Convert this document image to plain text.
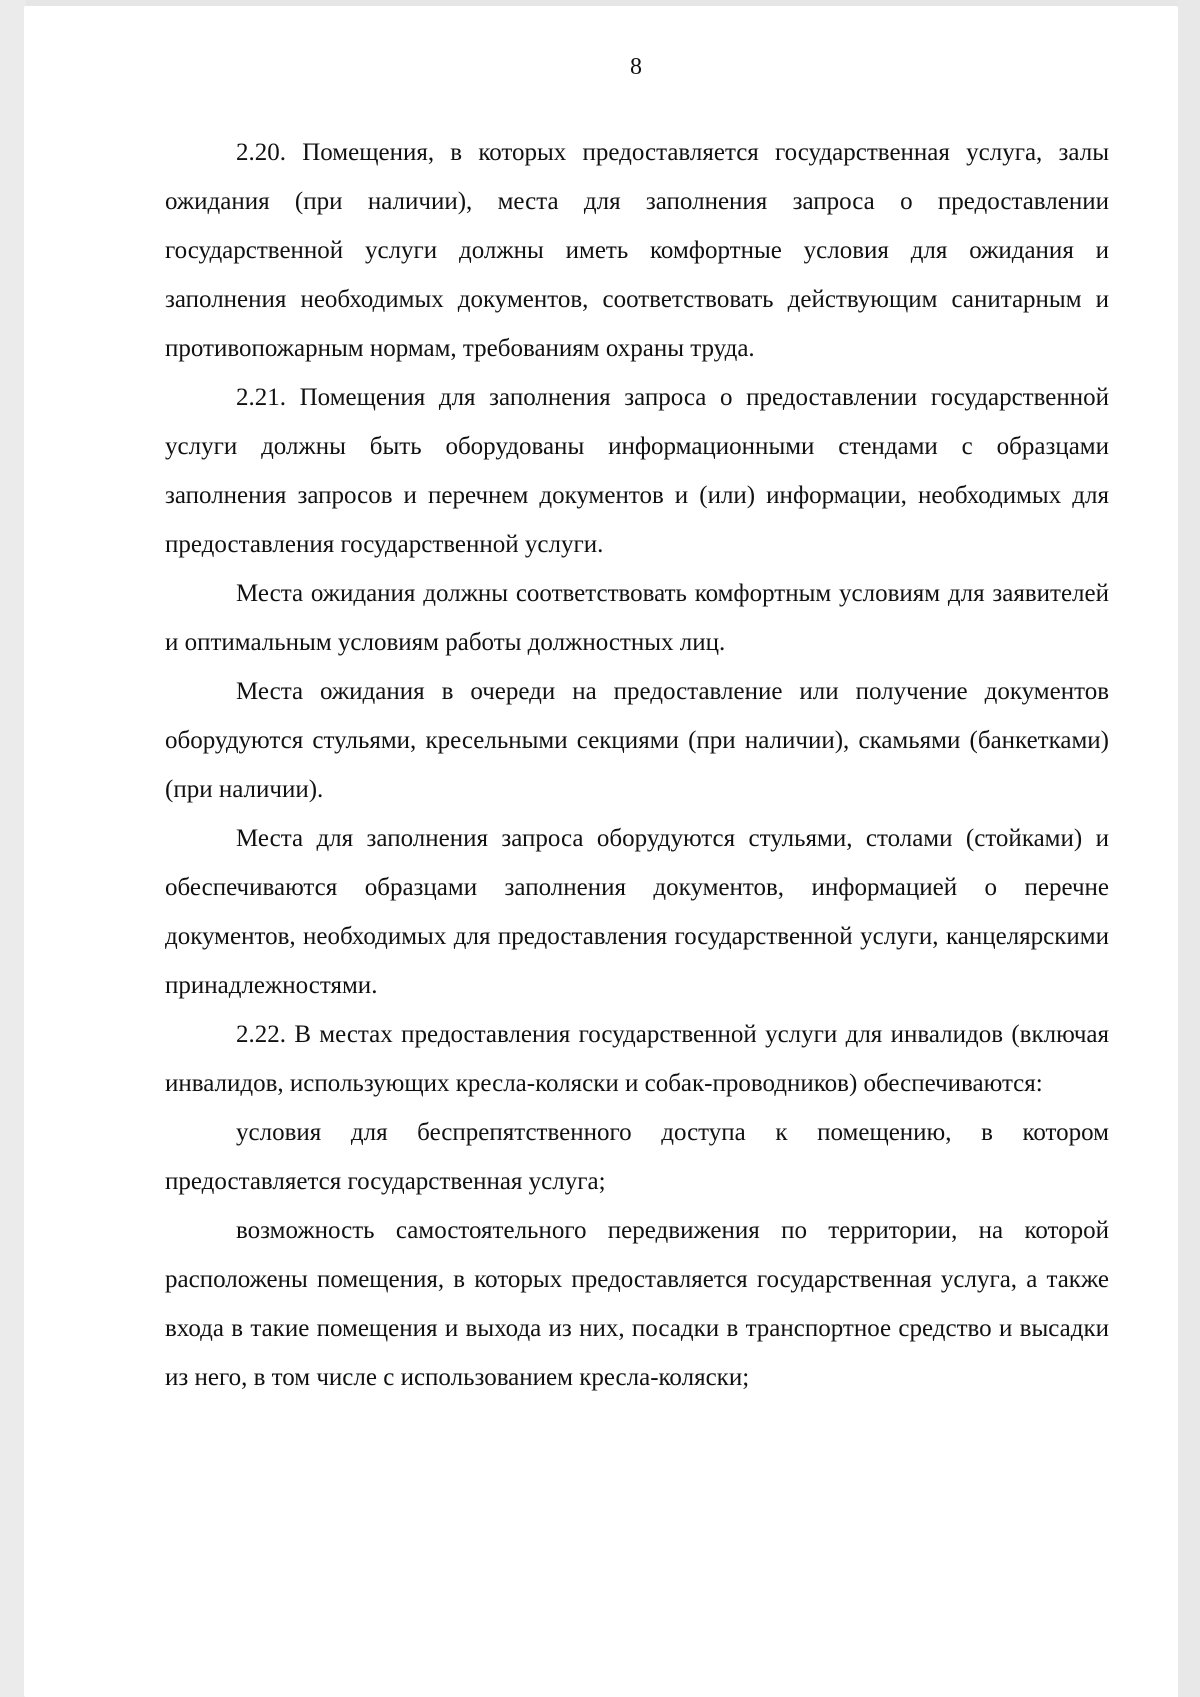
8

2.20. Помещения, в которых предоставляется государственная услуга, залы ожидания (при наличии), места для заполнения запроса о предоставлении государственной услуги должны иметь комфортные условия для ожидания и заполнения необходимых документов, соответствовать действующим санитарным и противопожарным нормам, требованиям охраны труда.

2.21. Помещения для заполнения запроса о предоставлении государственной услуги должны быть оборудованы информационными стендами с образцами заполнения запросов и перечнем документов и (или) информации, необходимых для предоставления государственной услуги.

Места ожидания должны соответствовать комфортным условиям для заявителей и оптимальным условиям работы должностных лиц.

Места ожидания в очереди на предоставление или получение документов оборудуются стульями, кресельными секциями (при наличии), скамьями (банкетками) (при наличии).

Места для заполнения запроса оборудуются стульями, столами (стойками) и обеспечиваются образцами заполнения документов, информацией о перечне документов, необходимых для предоставления государственной услуги, канцелярскими принадлежностями.

2.22. В местах предоставления государственной услуги для инвалидов (включая инвалидов, использующих кресла-коляски и собак-проводников) обеспечиваются:

условия для беспрепятственного доступа к помещению, в котором предоставляется государственная услуга;

возможность самостоятельного передвижения по территории, на которой расположены помещения, в которых предоставляется государственная услуга, а также входа в такие помещения и выхода из них, посадки в транспортное средство и высадки из него, в том числе с использованием кресла-коляски;
